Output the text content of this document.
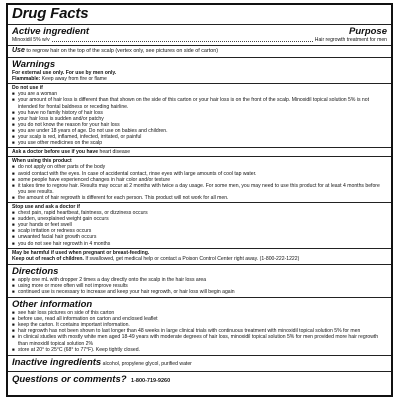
Drug Facts
Active ingredient	Purpose
Minoxidil 5% w/v	Hair regrowth treatment for men
Use to regrow hair on the top of the scalp (vertex only, see pictures on side of carton)
Warnings
For external use only. For use by men only.
Flammable: Keep away from fire or flame
Do not use if
■ you are a woman
■ your amount of hair loss is different than that shown on the side of this carton or your hair loss is on the front of the scalp. Minoxidil topical solution 5% is not intended for frontal baldness or receding hairline.
■ you have no family history of hair loss
■ your hair loss is sudden and/or patchy
■ you do not know the reason for your hair loss
■ you are under 18 years of age. Do not use on babies and children.
■ your scalp is red, inflamed, infected, irritated, or painful
■ you use other medicines on the scalp
Ask a doctor before use if you have heart disease
When using this product
■ do not apply on other parts of the body
■ avoid contact with the eyes. In case of accidental contact, rinse eyes with large amounts of cool tap water.
■ some people have experienced changes in hair color and/or texture
■ it takes time to regrow hair. Results may occur at 2 months with twice a day usage. For some men, you may need to use this product for at least 4 months before you see results.
■ the amount of hair regrowth is different for each person. This product will not work for all men.
Stop use and ask a doctor if
■ chest pain, rapid heartbeat, faintness, or dizziness occurs
■ sudden, unexplained weight gain occurs
■ your hands or feet swell
■ scalp irritation or redness occurs
■ unwanted facial hair growth occurs
■ you do not see hair regrowth in 4 months
May be harmful if used when pregnant or breast-feeding.
Keep out of reach of children. If swallowed, get medical help or contact a Poison Control Center right away. (1-800-222-1222)
Directions
■ apply one mL with dropper 2 times a day directly onto the scalp in the hair loss area
■ using more or more often will not improve results
■ continued use is necessary to increase and keep your hair regrowth, or hair loss will begin again
Other information
■ see hair loss pictures on side of this carton
■ before use, read all information on carton and enclosed leaflet
■ keep the carton. It contains important information.
■ hair regrowth has not been shown to last longer than 48 weeks in large clinical trials with continuous treatment with minoxidil topical solution 5% for men
■ in clinical studies with mostly white men aged 18-49 years with moderate degrees of hair loss, minoxidil topical solution 5% for men provided more hair regrowth than minoxidil topical solution 2%
■ store at 20° to 25°C (68° to 77°F). Keep tightly closed.
Inactive ingredients alcohol, propylene glycol, purified water
Questions or comments? 1-800-719-9260
